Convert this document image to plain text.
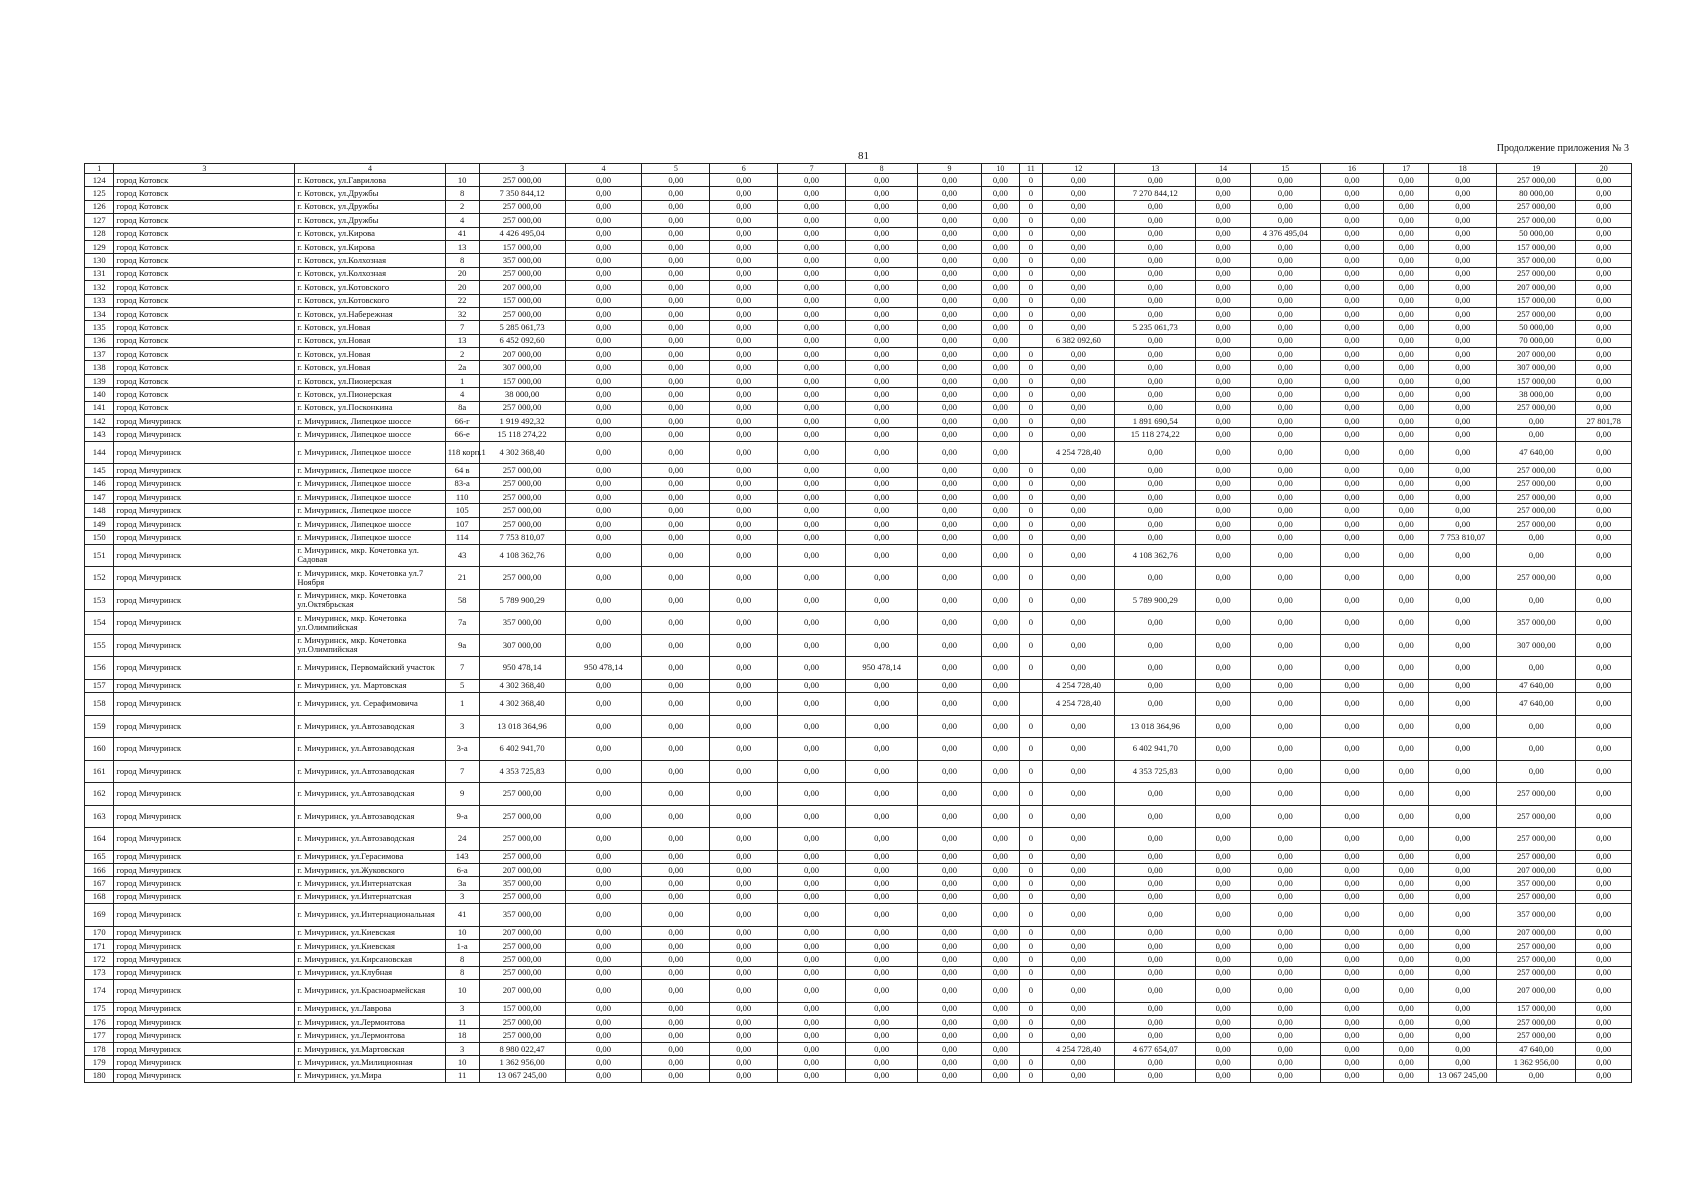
81
Продолжение приложения № 3
1	3	4		3	4	5	6	7	8	9	10	11	12	13	14	15	16	17	18	19	20
124	город Котовск	г. Котовск, ул.Гаврилова	10	257 000,00	0,00	0,00	0,00	0,00	0,00	0,00	0,00	0	0,00	0,00	0,00	0,00	0,00	0,00	0,00	257 000,00	0,00
125	город Котовск	г. Котовск, ул.Дружбы	8	7 350 844,12	0,00	0,00	0,00	0,00	0,00	0,00	0,00	0	0,00	7 270 844,12	0,00	0,00	0,00	0,00	0,00	80 000,00	0,00
126	город Котовск	г. Котовск, ул.Дружбы	2	257 000,00	0,00	0,00	0,00	0,00	0,00	0,00	0,00	0	0,00	0,00	0,00	0,00	0,00	0,00	0,00	257 000,00	0,00
127	город Котовск	г. Котовск, ул.Дружбы	4	257 000,00	0,00	0,00	0,00	0,00	0,00	0,00	0,00	0	0,00	0,00	0,00	0,00	0,00	0,00	0,00	257 000,00	0,00
128	город Котовск	г. Котовск, ул.Кирова	41	4 426 495,04	0,00	0,00	0,00	0,00	0,00	0,00	0,00	0	0,00	0,00	0,00	4 376 495,04	0,00	0,00	0,00	50 000,00	0,00
129	город Котовск	г. Котовск, ул.Кирова	13	157 000,00	0,00	0,00	0,00	0,00	0,00	0,00	0,00	0	0,00	0,00	0,00	0,00	0,00	0,00	0,00	157 000,00	0,00
130	город Котовск	г. Котовск, ул.Колхозная	8	357 000,00	0,00	0,00	0,00	0,00	0,00	0,00	0,00	0	0,00	0,00	0,00	0,00	0,00	0,00	0,00	357 000,00	0,00
131	город Котовск	г. Котовск, ул.Колхозная	20	257 000,00	0,00	0,00	0,00	0,00	0,00	0,00	0,00	0	0,00	0,00	0,00	0,00	0,00	0,00	0,00	257 000,00	0,00
132	город Котовск	г. Котовск, ул.Котовского	20	207 000,00	0,00	0,00	0,00	0,00	0,00	0,00	0,00	0	0,00	0,00	0,00	0,00	0,00	0,00	0,00	207 000,00	0,00
133	город Котовск	г. Котовск, ул.Котовского	22	157 000,00	0,00	0,00	0,00	0,00	0,00	0,00	0,00	0	0,00	0,00	0,00	0,00	0,00	0,00	0,00	157 000,00	0,00
134	город Котовск	г. Котовск, ул.Набережная	32	257 000,00	0,00	0,00	0,00	0,00	0,00	0,00	0,00	0	0,00	0,00	0,00	0,00	0,00	0,00	0,00	257 000,00	0,00
135	город Котовск	г. Котовск, ул.Новая	7	5 285 061,73	0,00	0,00	0,00	0,00	0,00	0,00	0,00	0	0,00	5 235 061,73	0,00	0,00	0,00	0,00	0,00	50 000,00	0,00
136	город Котовск	г. Котовск, ул.Новая	13	6 452 092,60	0,00	0,00	0,00	0,00	0,00	0,00	0,00		6 382 092,60	0,00	0,00	0,00	0,00	0,00	0,00	70 000,00	0,00
137	город Котовск	г. Котовск, ул.Новая	2	207 000,00	0,00	0,00	0,00	0,00	0,00	0,00	0,00	0	0,00	0,00	0,00	0,00	0,00	0,00	0,00	207 000,00	0,00
138	город Котовск	г. Котовск, ул.Новая	2а	307 000,00	0,00	0,00	0,00	0,00	0,00	0,00	0,00	0	0,00	0,00	0,00	0,00	0,00	0,00	0,00	307 000,00	0,00
139	город Котовск	г. Котовск, ул.Пионерская	1	157 000,00	0,00	0,00	0,00	0,00	0,00	0,00	0,00	0	0,00	0,00	0,00	0,00	0,00	0,00	0,00	157 000,00	0,00
140	город Котовск	г. Котовск, ул.Пионерская	4	38 000,00	0,00	0,00	0,00	0,00	0,00	0,00	0,00	0	0,00	0,00	0,00	0,00	0,00	0,00	0,00	38 000,00	0,00
141	город Котовск	г. Котовск, ул.Посконкина	8а	257 000,00	0,00	0,00	0,00	0,00	0,00	0,00	0,00	0	0,00	0,00	0,00	0,00	0,00	0,00	0,00	257 000,00	0,00
142	город Мичуринск	г. Мичуринск, Липецкое шоссе	66-г	1 919 492,32	0,00	0,00	0,00	0,00	0,00	0,00	0,00	0	0,00	1 891 690,54	0,00	0,00	0,00	0,00	0,00	0,00	27 801,78
143	город Мичуринск	г. Мичуринск, Липецкое шоссе	66-е	15 118 274,22	0,00	0,00	0,00	0,00	0,00	0,00	0,00	0	0,00	15 118 274,22	0,00	0,00	0,00	0,00	0,00	0,00	0,00
144	город Мичуринск	г. Мичуринск, Липецкое шоссе	118 корп.1	4 302 368,40	0,00	0,00	0,00	0,00	0,00	0,00	0,00		4 254 728,40	0,00	0,00	0,00	0,00	0,00	0,00	47 640,00	0,00
145	город Мичуринск	г. Мичуринск, Липецкое шоссе	64 в	257 000,00	0,00	0,00	0,00	0,00	0,00	0,00	0,00	0	0,00	0,00	0,00	0,00	0,00	0,00	0,00	257 000,00	0,00
146	город Мичуринск	г. Мичуринск, Липецкое шоссе	83-а	257 000,00	0,00	0,00	0,00	0,00	0,00	0,00	0,00	0	0,00	0,00	0,00	0,00	0,00	0,00	0,00	257 000,00	0,00
147	город Мичуринск	г. Мичуринск, Липецкое шоссе	110	257 000,00	0,00	0,00	0,00	0,00	0,00	0,00	0,00	0	0,00	0,00	0,00	0,00	0,00	0,00	0,00	257 000,00	0,00
148	город Мичуринск	г. Мичуринск, Липецкое шоссе	105	257 000,00	0,00	0,00	0,00	0,00	0,00	0,00	0,00	0	0,00	0,00	0,00	0,00	0,00	0,00	0,00	257 000,00	0,00
149	город Мичуринск	г. Мичуринск, Липецкое шоссе	107	257 000,00	0,00	0,00	0,00	0,00	0,00	0,00	0,00	0	0,00	0,00	0,00	0,00	0,00	0,00	0,00	257 000,00	0,00
150	город Мичуринск	г. Мичуринск, Липецкое шоссе	114	7 753 810,07	0,00	0,00	0,00	0,00	0,00	0,00	0,00	0	0,00	0,00	0,00	0,00	0,00	0,00	7 753 810,07	0,00	0,00
151	город Мичуринск	г. Мичуринск, мкр. Кочетовка ул. Садовая	43	4 108 362,76	0,00	0,00	0,00	0,00	0,00	0,00	0,00	0	0,00	4 108 362,76	0,00	0,00	0,00	0,00	0,00	0,00	0,00
152	город Мичуринск	г. Мичуринск, мкр. Кочетовка ул.7 Ноября	21	257 000,00	0,00	0,00	0,00	0,00	0,00	0,00	0,00	0	0,00	0,00	0,00	0,00	0,00	0,00	0,00	257 000,00	0,00
153	город Мичуринск	г. Мичуринск, мкр. Кочетовка ул.Октябрьская	58	5 789 900,29	0,00	0,00	0,00	0,00	0,00	0,00	0,00	0	0,00	5 789 900,29	0,00	0,00	0,00	0,00	0,00	0,00	0,00
154	город Мичуринск	г. Мичуринск, мкр. Кочетовка ул.Олимпийская	7а	357 000,00	0,00	0,00	0,00	0,00	0,00	0,00	0,00	0	0,00	0,00	0,00	0,00	0,00	0,00	0,00	357 000,00	0,00
155	город Мичуринск	г. Мичуринск, мкр. Кочетовка ул.Олимпийская	9а	307 000,00	0,00	0,00	0,00	0,00	0,00	0,00	0,00	0	0,00	0,00	0,00	0,00	0,00	0,00	0,00	307 000,00	0,00
156	город Мичуринск	г. Мичуринск, Первомайский участок	7	950 478,14	950 478,14	0,00	0,00	0,00	950 478,14	0,00	0,00	0	0,00	0,00	0,00	0,00	0,00	0,00	0,00	0,00	0,00
157	город Мичуринск	г. Мичуринск, ул. Мартовская	5	4 302 368,40	0,00	0,00	0,00	0,00	0,00	0,00	0,00		4 254 728,40	0,00	0,00	0,00	0,00	0,00	0,00	47 640,00	0,00
158	город Мичуринск	г. Мичуринск, ул. Серафимовича	1	4 302 368,40	0,00	0,00	0,00	0,00	0,00	0,00	0,00		4 254 728,40	0,00	0,00	0,00	0,00	0,00	0,00	47 640,00	0,00
159	город Мичуринск	г. Мичуринск, ул.Автозаводская	3	13 018 364,96	0,00	0,00	0,00	0,00	0,00	0,00	0,00	0	0,00	13 018 364,96	0,00	0,00	0,00	0,00	0,00	0,00	0,00
160	город Мичуринск	г. Мичуринск, ул.Автозаводская	3-а	6 402 941,70	0,00	0,00	0,00	0,00	0,00	0,00	0,00	0	0,00	6 402 941,70	0,00	0,00	0,00	0,00	0,00	0,00	0,00
161	город Мичуринск	г. Мичуринск, ул.Автозаводская	7	4 353 725,83	0,00	0,00	0,00	0,00	0,00	0,00	0,00	0	0,00	4 353 725,83	0,00	0,00	0,00	0,00	0,00	0,00	0,00
162	город Мичуринск	г. Мичуринск, ул.Автозаводская	9	257 000,00	0,00	0,00	0,00	0,00	0,00	0,00	0,00	0	0,00	0,00	0,00	0,00	0,00	0,00	0,00	257 000,00	0,00
163	город Мичуринск	г. Мичуринск, ул.Автозаводская	9-а	257 000,00	0,00	0,00	0,00	0,00	0,00	0,00	0,00	0	0,00	0,00	0,00	0,00	0,00	0,00	0,00	257 000,00	0,00
164	город Мичуринск	г. Мичуринск, ул.Автозаводская	24	257 000,00	0,00	0,00	0,00	0,00	0,00	0,00	0,00	0	0,00	0,00	0,00	0,00	0,00	0,00	0,00	257 000,00	0,00
165	город Мичуринск	г. Мичуринск, ул.Герасимова	143	257 000,00	0,00	0,00	0,00	0,00	0,00	0,00	0,00	0	0,00	0,00	0,00	0,00	0,00	0,00	0,00	257 000,00	0,00
166	город Мичуринск	г. Мичуринск, ул.Жуковского	6-а	207 000,00	0,00	0,00	0,00	0,00	0,00	0,00	0,00	0	0,00	0,00	0,00	0,00	0,00	0,00	0,00	207 000,00	0,00
167	город Мичуринск	г. Мичуринск, ул.Интернатская	3а	357 000,00	0,00	0,00	0,00	0,00	0,00	0,00	0,00	0	0,00	0,00	0,00	0,00	0,00	0,00	0,00	357 000,00	0,00
168	город Мичуринск	г. Мичуринск, ул.Интернатская	3	257 000,00	0,00	0,00	0,00	0,00	0,00	0,00	0,00	0	0,00	0,00	0,00	0,00	0,00	0,00	0,00	257 000,00	0,00
169	город Мичуринск	г. Мичуринск, ул.Интернациональная	41	357 000,00	0,00	0,00	0,00	0,00	0,00	0,00	0,00	0	0,00	0,00	0,00	0,00	0,00	0,00	0,00	357 000,00	0,00
170	город Мичуринск	г. Мичуринск, ул.Киевская	10	207 000,00	0,00	0,00	0,00	0,00	0,00	0,00	0,00	0	0,00	0,00	0,00	0,00	0,00	0,00	0,00	207 000,00	0,00
171	город Мичуринск	г. Мичуринск, ул.Киевская	1-а	257 000,00	0,00	0,00	0,00	0,00	0,00	0,00	0,00	0	0,00	0,00	0,00	0,00	0,00	0,00	0,00	257 000,00	0,00
172	город Мичуринск	г. Мичуринск, ул.Кирсановская	8	257 000,00	0,00	0,00	0,00	0,00	0,00	0,00	0,00	0	0,00	0,00	0,00	0,00	0,00	0,00	0,00	257 000,00	0,00
173	город Мичуринск	г. Мичуринск, ул.Клубная	8	257 000,00	0,00	0,00	0,00	0,00	0,00	0,00	0,00	0	0,00	0,00	0,00	0,00	0,00	0,00	0,00	257 000,00	0,00
174	город Мичуринск	г. Мичуринск, ул.Красноармейская	10	207 000,00	0,00	0,00	0,00	0,00	0,00	0,00	0,00	0	0,00	0,00	0,00	0,00	0,00	0,00	0,00	207 000,00	0,00
175	город Мичуринск	г. Мичуринск, ул.Лаврова	3	157 000,00	0,00	0,00	0,00	0,00	0,00	0,00	0,00	0	0,00	0,00	0,00	0,00	0,00	0,00	0,00	157 000,00	0,00
176	город Мичуринск	г. Мичуринск, ул.Лермонтова	11	257 000,00	0,00	0,00	0,00	0,00	0,00	0,00	0,00	0	0,00	0,00	0,00	0,00	0,00	0,00	0,00	257 000,00	0,00
177	город Мичуринск	г. Мичуринск, ул.Лермонтова	18	257 000,00	0,00	0,00	0,00	0,00	0,00	0,00	0,00	0	0,00	0,00	0,00	0,00	0,00	0,00	0,00	257 000,00	0,00
178	город Мичуринск	г. Мичуринск, ул.Мартовская	3	8 980 022,47	0,00	0,00	0,00	0,00	0,00	0,00	0,00		4 254 728,40	4 677 654,07	0,00	0,00	0,00	0,00	0,00	47 640,00	0,00
179	город Мичуринск	г. Мичуринск, ул.Милиционная	10	1 362 956,00	0,00	0,00	0,00	0,00	0,00	0,00	0,00	0	0,00	0,00	0,00	0,00	0,00	0,00	0,00	1 362 956,00	0,00
180	город Мичуринск	г. Мичуринск, ул.Мира	11	13 067 245,00	0,00	0,00	0,00	0,00	0,00	0,00	0,00	0	0,00	0,00	0,00	0,00	0,00	0,00	13 067 245,00	0,00	0,00
